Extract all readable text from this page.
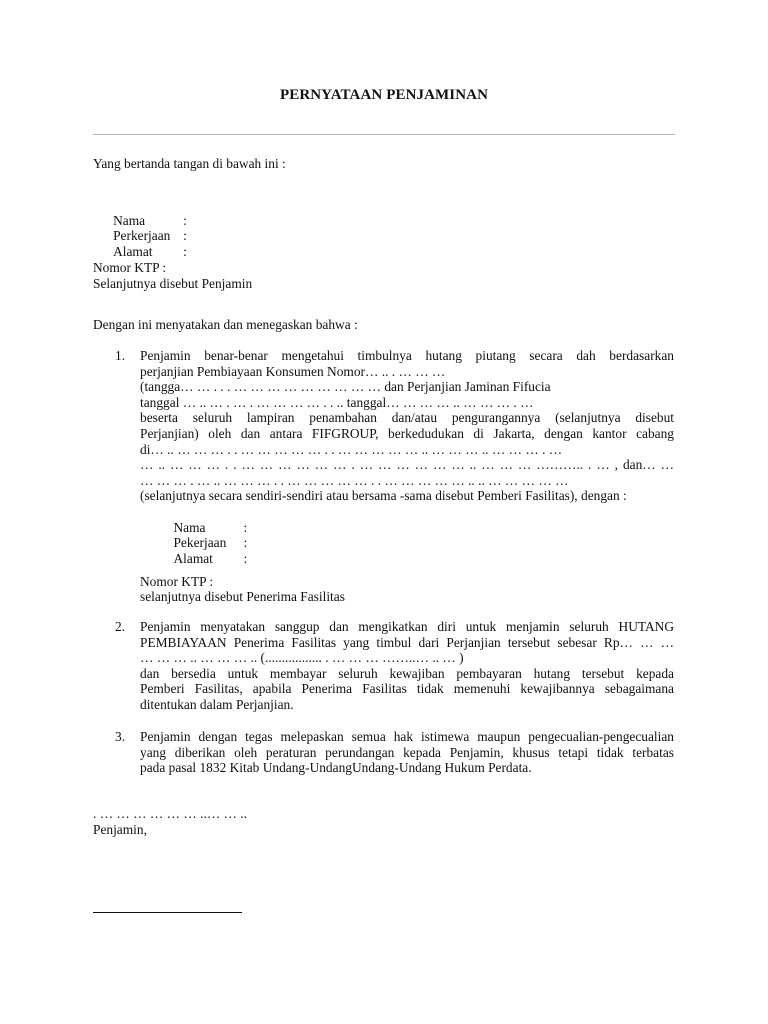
PERNYATAAN PENJAMINAN
Yang bertanda tangan di bawah ini :

Nama	:

Perkerjaan :

Alamat :

Nomor KTP :
Selanjutnya disebut Penjamin
Dengan ini menyatakan dan menegaskan bahwa :
1. Penjamin benar-benar mengetahui timbulnya hutang piutang secara dah berdasarkan
perjanjian Pembiayaan Konsumen Nomor… .. . … … …
(tangga… … . . . … … … … … … … … … dan Perjanjian Jaminan Fifucia
tanggal … .. … . … . … … … … . . .. tanggal… … … … .. … … … . …
beserta seluruh lampiran penambahan dan/atau pengurangannya (selanjutnya disebut
Perjanjian) oleh dan antara FIFGROUP, berkedudukan di Jakarta, dengan kantor cabang
di… .. … … … . . … … … … … . . … … … … … .. … … … .. … … … . …
… .. … … … . . … … … … … … . … … … … … … .. … … … ……….. . … , dan… …
… … … . … .. … … … . . … … … … … . . … … … … … .. .. … … … … …
(selanjutnya secara sendiri-sendiri atau bersama -sama disebut Pemberi Fasilitas), dengan :

Nama	:

Pekerjaan :

Alamat :

Nomor KTP :
selanjutnya disebut Penerima Fasilitas
2. Penjamin menyatakan sanggup dan mengikatkan diri untuk menjamin seluruh HUTANG
PEMBIAYAAN Penerima Fasilitas yang timbul dari Perjanjian tersebut sebesar Rp… … …
… … … .. … … … .. (................. . … … … ……..… .. … )
dan bersedia untuk membayar seluruh kewajiban pembayaran hutang tersebut kepada
Pemberi Fasilitas, apabila Penerima Fasilitas tidak memenuhi kewajibannya sebagaimana
ditentukan dalam Perjanjian.
3. Penjamin dengan tegas melepaskan semua hak istimewa maupun pengecualian-pengecualian
yang diberikan oleh peraturan perundangan kepada Penjamin, khusus tetapi tidak terbatas
pada pasal 1832 Kitab Undang-UndangUndang-Undang Hukum Perdata.
. … … … … … … ..… … ..
Penjamin,
